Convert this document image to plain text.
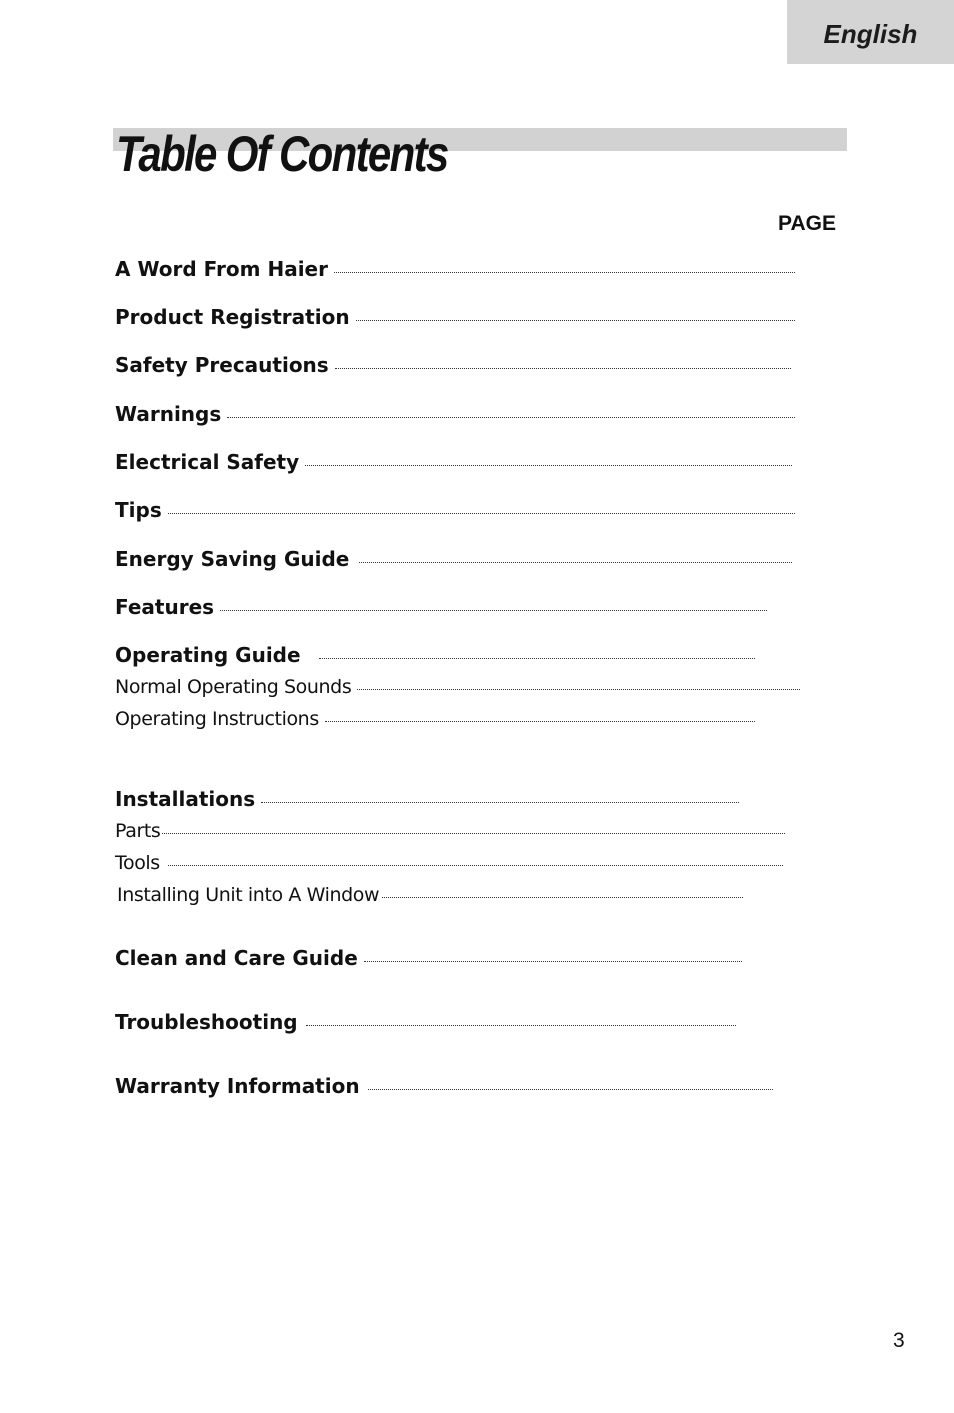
English
Table Of Contents
PAGE
A Word From Haier
Product Registration
Safety Precautions
Warnings
Electrical Safety
Tips
Energy Saving Guide
Features
Operating Guide
Normal Operating Sounds
Operating Instructions
Installations
Parts
Tools
Installing Unit into A Window
Clean and Care Guide
Troubleshooting
Warranty Information
3
